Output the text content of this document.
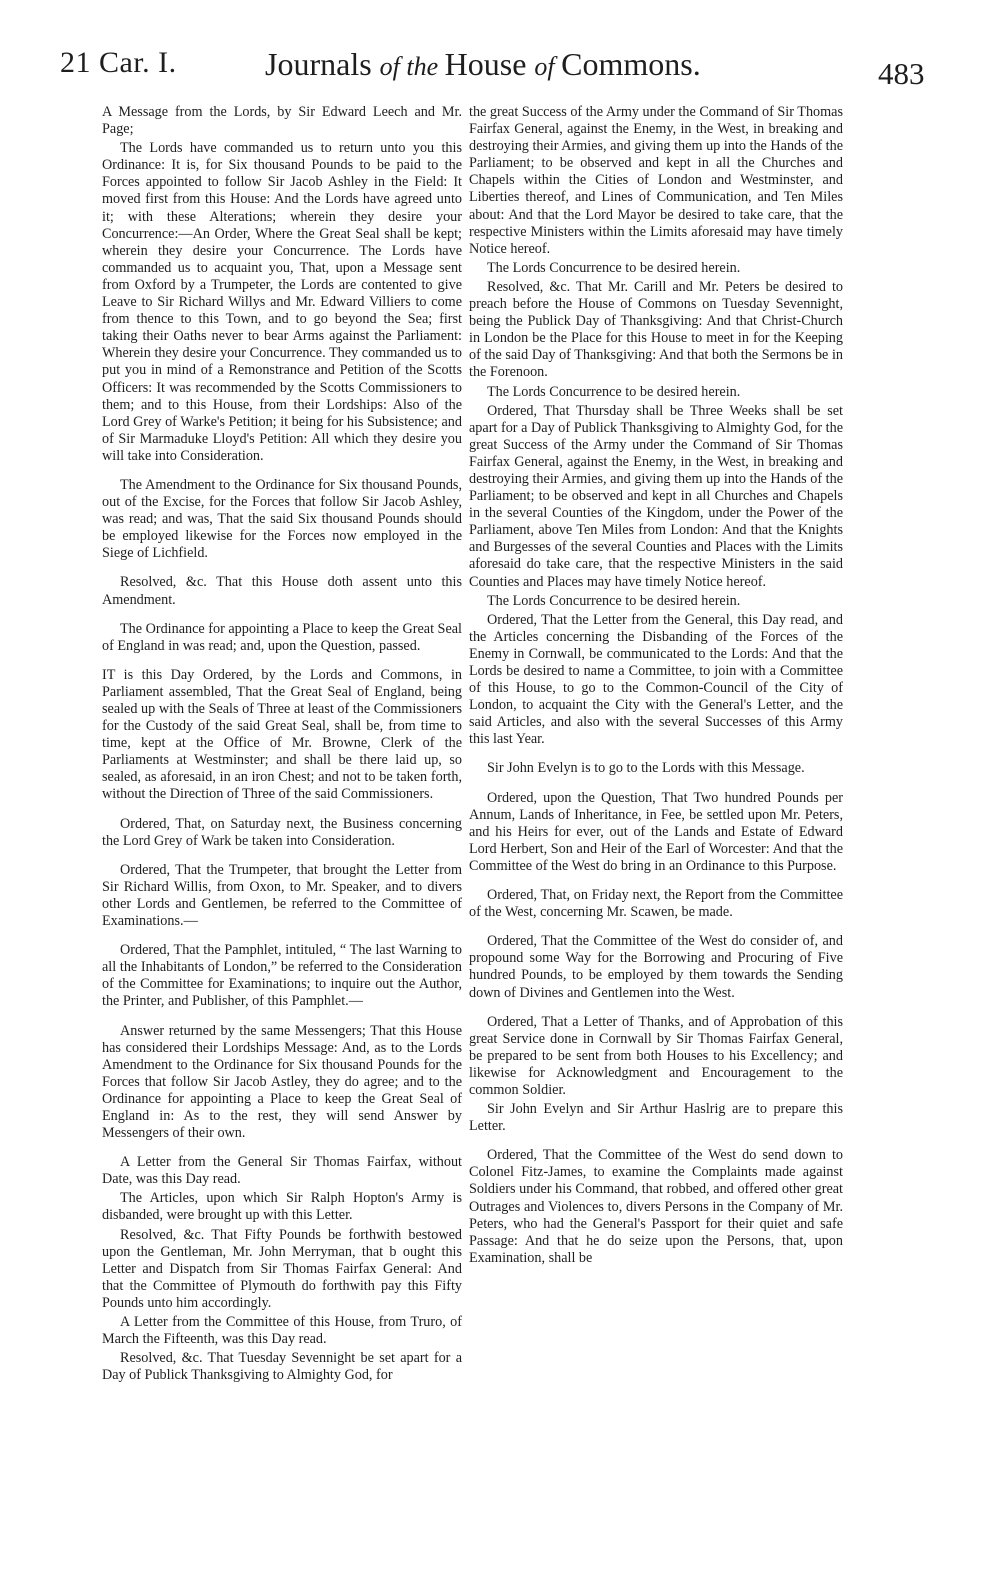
21 Car. I.	Journals of the House of Commons.	483

A Message from the Lords, by Sir Edward Leech and Mr. Page;

The Lords have commanded us to return unto you this Ordinance: It is, for Six thousand Pounds to be paid to the Forces appointed to follow Sir Jacob Ashley in the Field: It moved first from this House: And the Lords have agreed unto it; with these Alterations; wherein they desire your Concurrence:—An Order, Where the Great Seal shall be kept; wherein they desire your Concurrence. The Lords have commanded us to acquaint you, That, upon a Message sent from Oxford by a Trumpeter, the Lords are contented to give Leave to Sir Richard Willys and Mr. Edward Villiers to come from thence to this Town, and to go beyond the Sea; first taking their Oaths never to bear Arms against the Parliament: Wherein they desire your Concurrence. They commanded us to put you in mind of a Remonstrance and Petition of the Scotts Officers: It was recommended by the Scotts Commissioners to them; and to this House, from their Lordships: Also of the Lord Grey of Warke's Petition; it being for his Subsistence; and of Sir Marmaduke Lloyd's Petition: All which they desire you will take into Consideration.

The Amendment to the Ordinance for Six thousand Pounds, out of the Excise, for the Forces that follow Sir Jacob Ashley, was read; and was, That the said Six thousand Pounds should be employed likewise for the Forces now employed in the Siege of Lichfield.

Resolved, &c. That this House doth assent unto this Amendment.

The Ordinance for appointing a Place to keep the Great Seal of England in was read; and, upon the Question, passed.

IT is this Day Ordered, by the Lords and Commons, in Parliament assembled, That the Great Seal of England, being sealed up with the Seals of Three at least of the Commissioners for the Custody of the said Great Seal, shall be, from time to time, kept at the Office of Mr. Browne, Clerk of the Parliaments at Westminster; and shall be there laid up, so sealed, as aforesaid, in an iron Chest; and not to be taken forth, without the Direction of Three of the said Commissioners.

Ordered, That, on Saturday next, the Business concerning the Lord Grey of Wark be taken into Consideration.

Ordered, That the Trumpeter, that brought the Letter from Sir Richard Willis, from Oxon, to Mr. Speaker, and to divers other Lords and Gentlemen, be referred to the Committee of Examinations.—

Ordered, That the Pamphlet, intituled, “ The last Warning to all the Inhabitants of London,” be referred to the Consideration of the Committee for Examinations; to inquire out the Author, the Printer, and Publisher, of this Pamphlet.—

Answer returned by the same Messengers; That this House has considered their Lordships Message: And, as to the Lords Amendment to the Ordinance for Six thousand Pounds for the Forces that follow Sir Jacob Astley, they do agree; and to the Ordinance for appointing a Place to keep the Great Seal of England in: As to the rest, they will send Answer by Messengers of their own.

A Letter from the General Sir Thomas Fairfax, without Date, was this Day read.

The Articles, upon which Sir Ralph Hopton's Army is disbanded, were brought up with this Letter.

Resolved, &c. That Fifty Pounds be forthwith bestowed upon the Gentleman, Mr. John Merryman, that b ought this Letter and Dispatch from Sir Thomas Fairfax General: And that the Committee of Plymouth do forthwith pay this Fifty Pounds unto him accordingly.

A Letter from the Committee of this House, from Truro, of March the Fifteenth, was this Day read.

Resolved, &c. That Tuesday Sevennight be set apart for a Day of Publick Thanksgiving to Almighty God, for

the great Success of the Army under the Command of Sir Thomas Fairfax General, against the Enemy, in the West, in breaking and destroying their Armies, and giving them up into the Hands of the Parliament; to be observed and kept in all the Churches and Chapels within the Cities of London and Westminster, and Liberties thereof, and Lines of Communication, and Ten Miles about: And that the Lord Mayor be desired to take care, that the respective Ministers within the Limits aforesaid may have timely Notice hereof.

The Lords Concurrence to be desired herein.

Resolved, &c. That Mr. Carill and Mr. Peters be desired to preach before the House of Commons on Tuesday Sevennight, being the Publick Day of Thanksgiving: And that Christ-Church in London be the Place for this House to meet in for the Keeping of the said Day of Thanksgiving: And that both the Sermons be in the Forenoon.

The Lords Concurrence to be desired herein.

Ordered, That Thursday shall be Three Weeks shall be set apart for a Day of Publick Thanksgiving to Almighty God, for the great Success of the Army under the Command of Sir Thomas Fairfax General, against the Enemy, in the West, in breaking and destroying their Armies, and giving them up into the Hands of the Parliament; to be observed and kept in all Churches and Chapels in the several Counties of the Kingdom, under the Power of the Parliament, above Ten Miles from London: And that the Knights and Burgesses of the several Counties and Places with the Limits aforesaid do take care, that the respective Ministers in the said Counties and Places may have timely Notice hereof.

The Lords Concurrence to be desired herein.

Ordered, That the Letter from the General, this Day read, and the Articles concerning the Disbanding of the Forces of the Enemy in Cornwall, be communicated to the Lords: And that the Lords be desired to name a Committee, to join with a Committee of this House, to go to the Common-Council of the City of London, to acquaint the City with the General's Letter, and the said Articles, and also with the several Successes of this Army this last Year.

Sir John Evelyn is to go to the Lords with this Message.

Ordered, upon the Question, That Two hundred Pounds per Annum, Lands of Inheritance, in Fee, be settled upon Mr. Peters, and his Heirs for ever, out of the Lands and Estate of Edward Lord Herbert, Son and Heir of the Earl of Worcester: And that the Committee of the West do bring in an Ordinance to this Purpose.

Ordered, That, on Friday next, the Report from the Committee of the West, concerning Mr. Scawen, be made.

Ordered, That the Committee of the West do consider of, and propound some Way for the Borrowing and Procuring of Five hundred Pounds, to be employed by them towards the Sending down of Divines and Gentlemen into the West.

Ordered, That a Letter of Thanks, and of Approbation of this great Service done in Cornwall by Sir Thomas Fairfax General, be prepared to be sent from both Houses to his Excellency; and likewise for Acknowledgment and Encouragement to the common Soldier.

Sir John Evelyn and Sir Arthur Haslrig are to prepare this Letter.

Ordered, That the Committee of the West do send down to Colonel Fitz-James, to examine the Complaints made against Soldiers under his Command, that robbed, and offered other great Outrages and Violences to, divers Persons in the Company of Mr. Peters, who had the General's Passport for their quiet and safe Passage: And that he do seize upon the Persons, that, upon Examination, shall be
